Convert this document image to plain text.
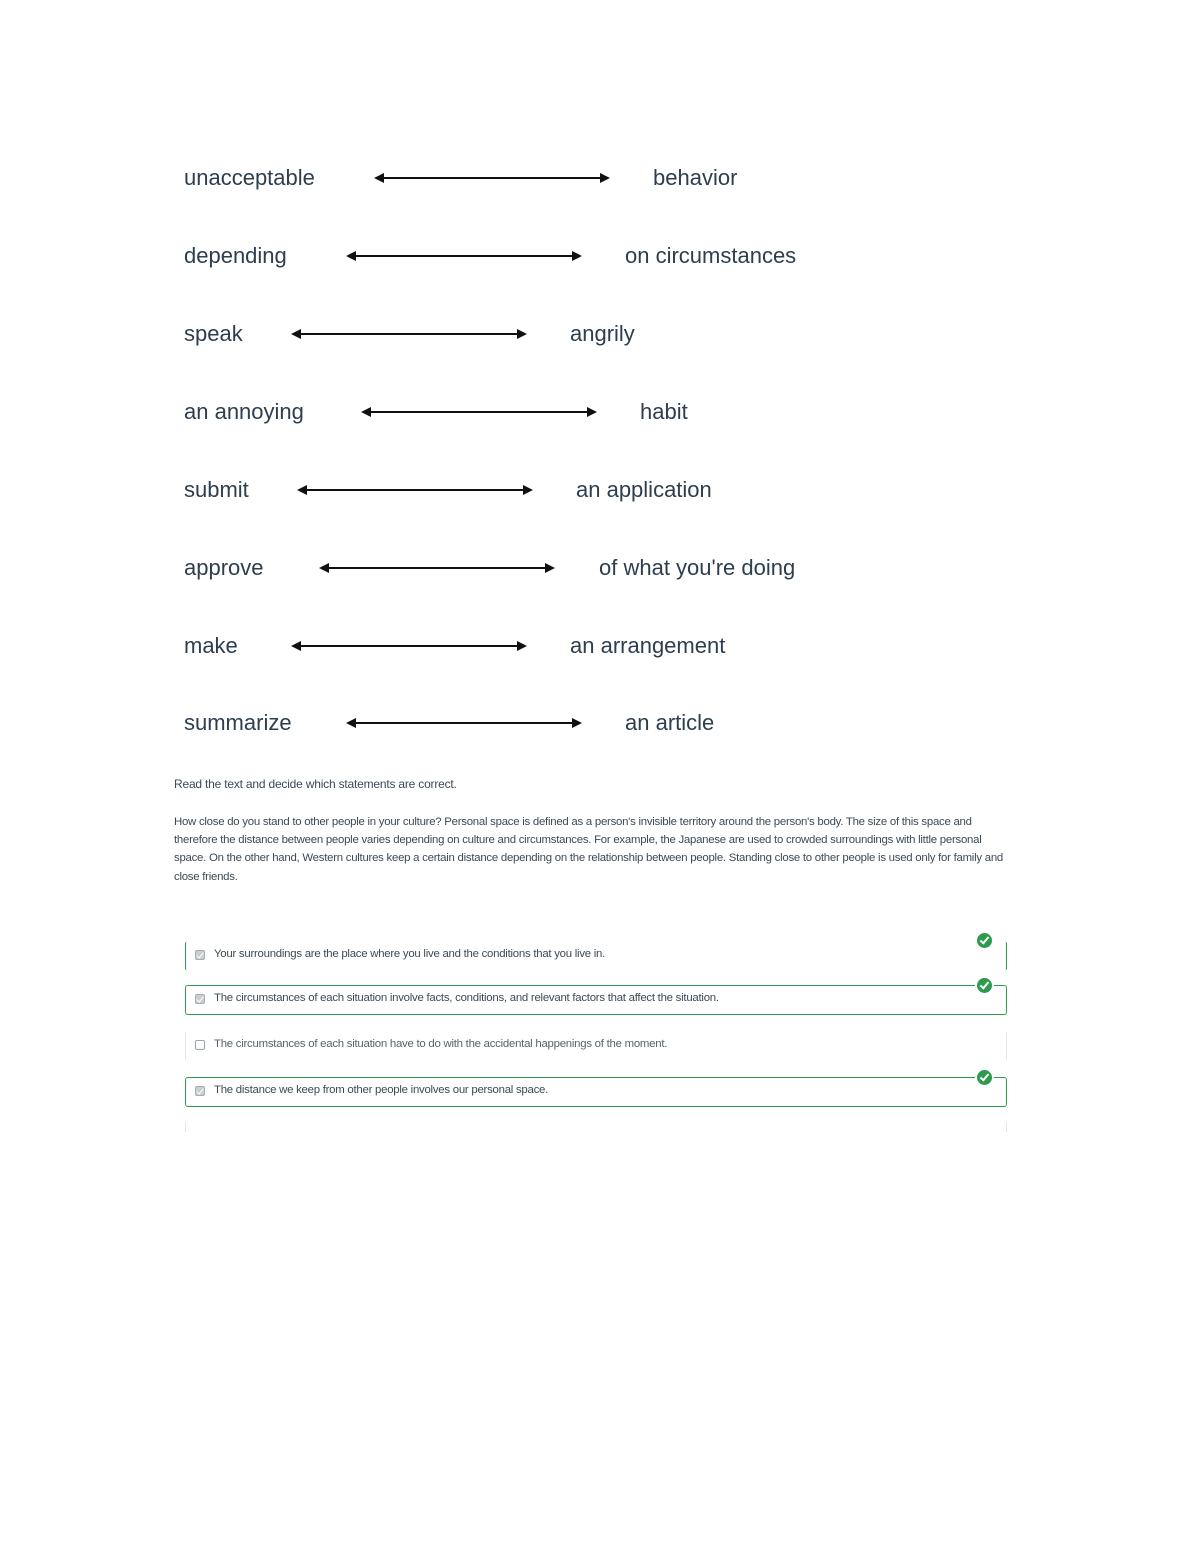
unacceptable	behavior
depending	on circumstances
speak	angrily
an annoying	habit
submit	an application
approve	of what you're doing
make	an arrangement
summarize	an article
Read the text and decide which statements are correct.
How close do you stand to other people in your culture? Personal space is defined as a person's invisible territory around the person's body. The size of this space and therefore the distance between people varies depending on culture and circumstances. For example, the Japanese are used to crowded surroundings with little personal space. On the other hand, Western cultures keep a certain distance depending on the relationship between people. Standing close to other people is used only for family and close friends.
Your surroundings are the place where you live and the conditions that you live in.
The circumstances of each situation involve facts, conditions, and relevant factors that affect the situation.
The circumstances of each situation have to do with the accidental happenings of the moment.
The distance we keep from other people involves our personal space.
